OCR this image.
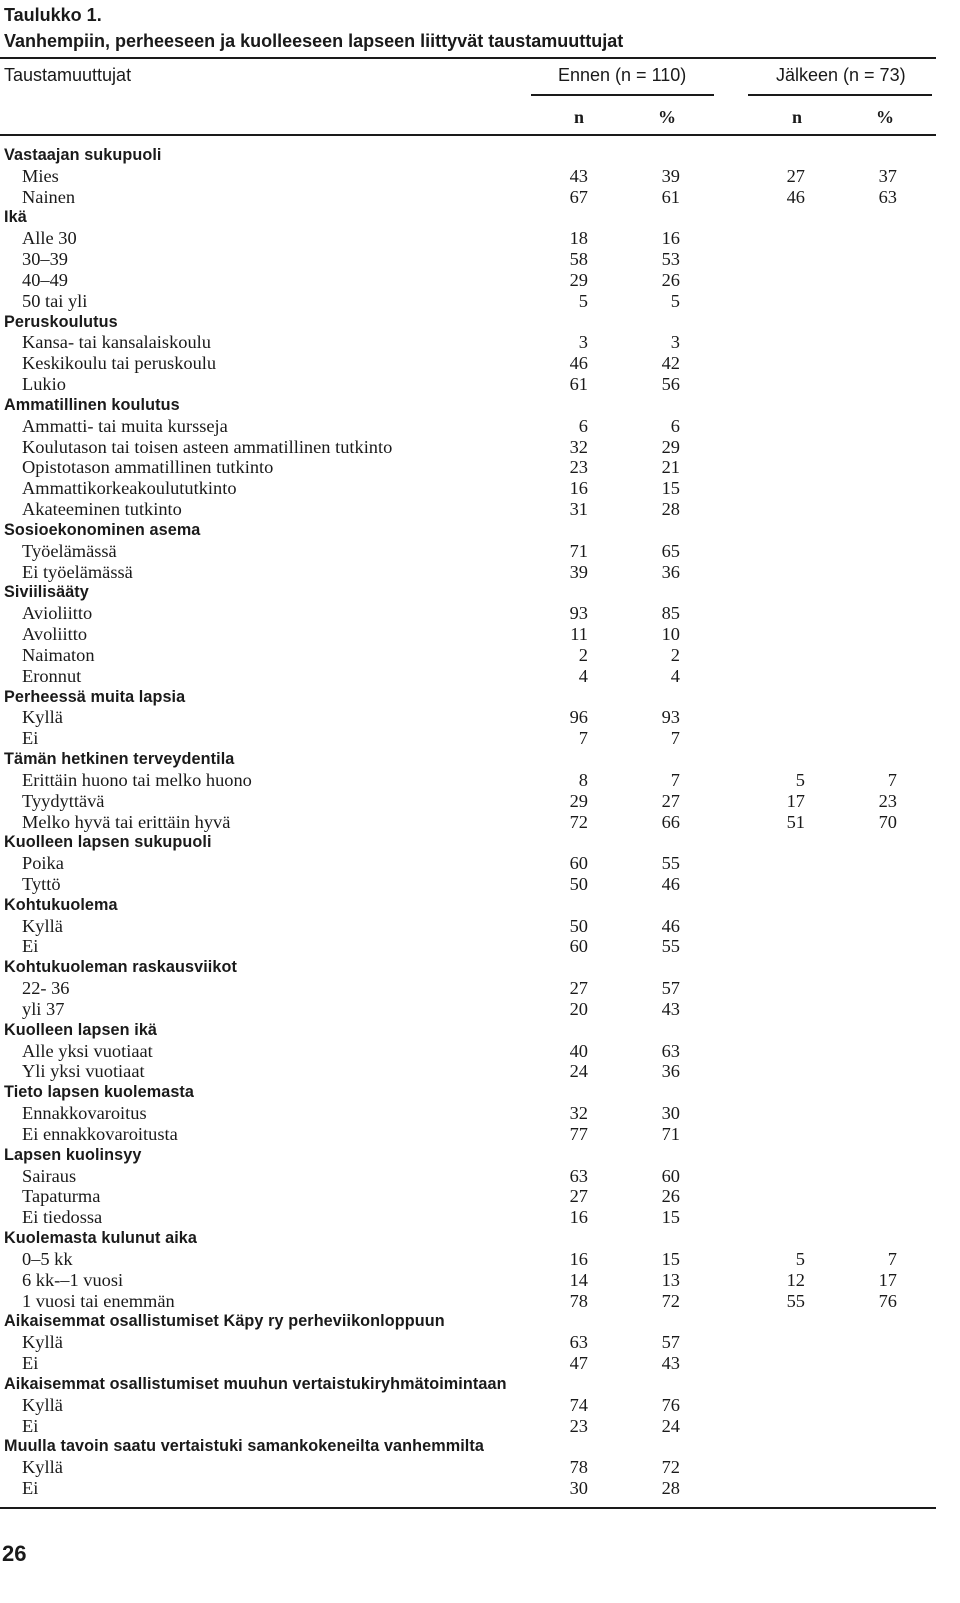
Taulukko 1.
Vanhempiin, perheeseen ja kuolleeseen lapseen liittyvät taustamuuttujat
Taustamuuttujat	Ennen (n = 110)	Jälkeen (n = 73)
n	%	n	%
Vastaajan sukupuoli
Mies	43	39	27	37
Nainen	67	61	46	63
Ikä
Alle 30	18	16
30–39	58	53
40–49	29	26
50 tai yli	5	5
Peruskoulutus
Kansa- tai kansalaiskoulu	3	3
Keskikoulu tai peruskoulu	46	42
Lukio	61	56
Ammatillinen koulutus
Ammatti- tai muita kursseja	6	6
Koulutason tai toisen asteen ammatillinen tutkinto	32	29
Opistotason ammatillinen tutkinto	23	21
Ammattikorkeakoulututkinto	16	15
Akateeminen tutkinto	31	28
Sosioekonominen asema
Työelämässä	71	65
Ei työelämässä	39	36
Siviilisääty
Avioliitto	93	85
Avoliitto	11	10
Naimaton	2	2
Eronnut	4	4
Perheessä muita lapsia
Kyllä	96	93
Ei	7	7
Tämän hetkinen terveydentila
Erittäin huono tai melko huono	8	7	5	7
Tyydyttävä	29	27	17	23
Melko hyvä tai erittäin hyvä	72	66	51	70
Kuolleen lapsen sukupuoli
Poika	60	55
Tyttö	50	46
Kohtukuolema
Kyllä	50	46
Ei	60	55
Kohtukuoleman raskausviikot
22- 36	27	57
yli 37	20	43
Kuolleen lapsen ikä
Alle yksi vuotiaat	40	63
Yli yksi vuotiaat	24	36
Tieto lapsen kuolemasta
Ennakkovaroitus	32	30
Ei ennakkovaroitusta	77	71
Lapsen kuolinsyy
Sairaus	63	60
Tapaturma	27	26
Ei tiedossa	16	15
Kuolemasta kulunut aika
0–5 kk	16	15	5	7
6 kk-–1 vuosi	14	13	12	17
1 vuosi tai enemmän	78	72	55	76
Aikaisemmat osallistumiset Käpy ry perheviikonloppuun
Kyllä	63	57
Ei	47	43
Aikaisemmat osallistumiset muuhun vertaistukiryhmätoimintaan
Kyllä	74	76
Ei	23	24
Muulla tavoin saatu vertaistuki samankokeneilta vanhemmilta
Kyllä	78	72
Ei	30	28
26
